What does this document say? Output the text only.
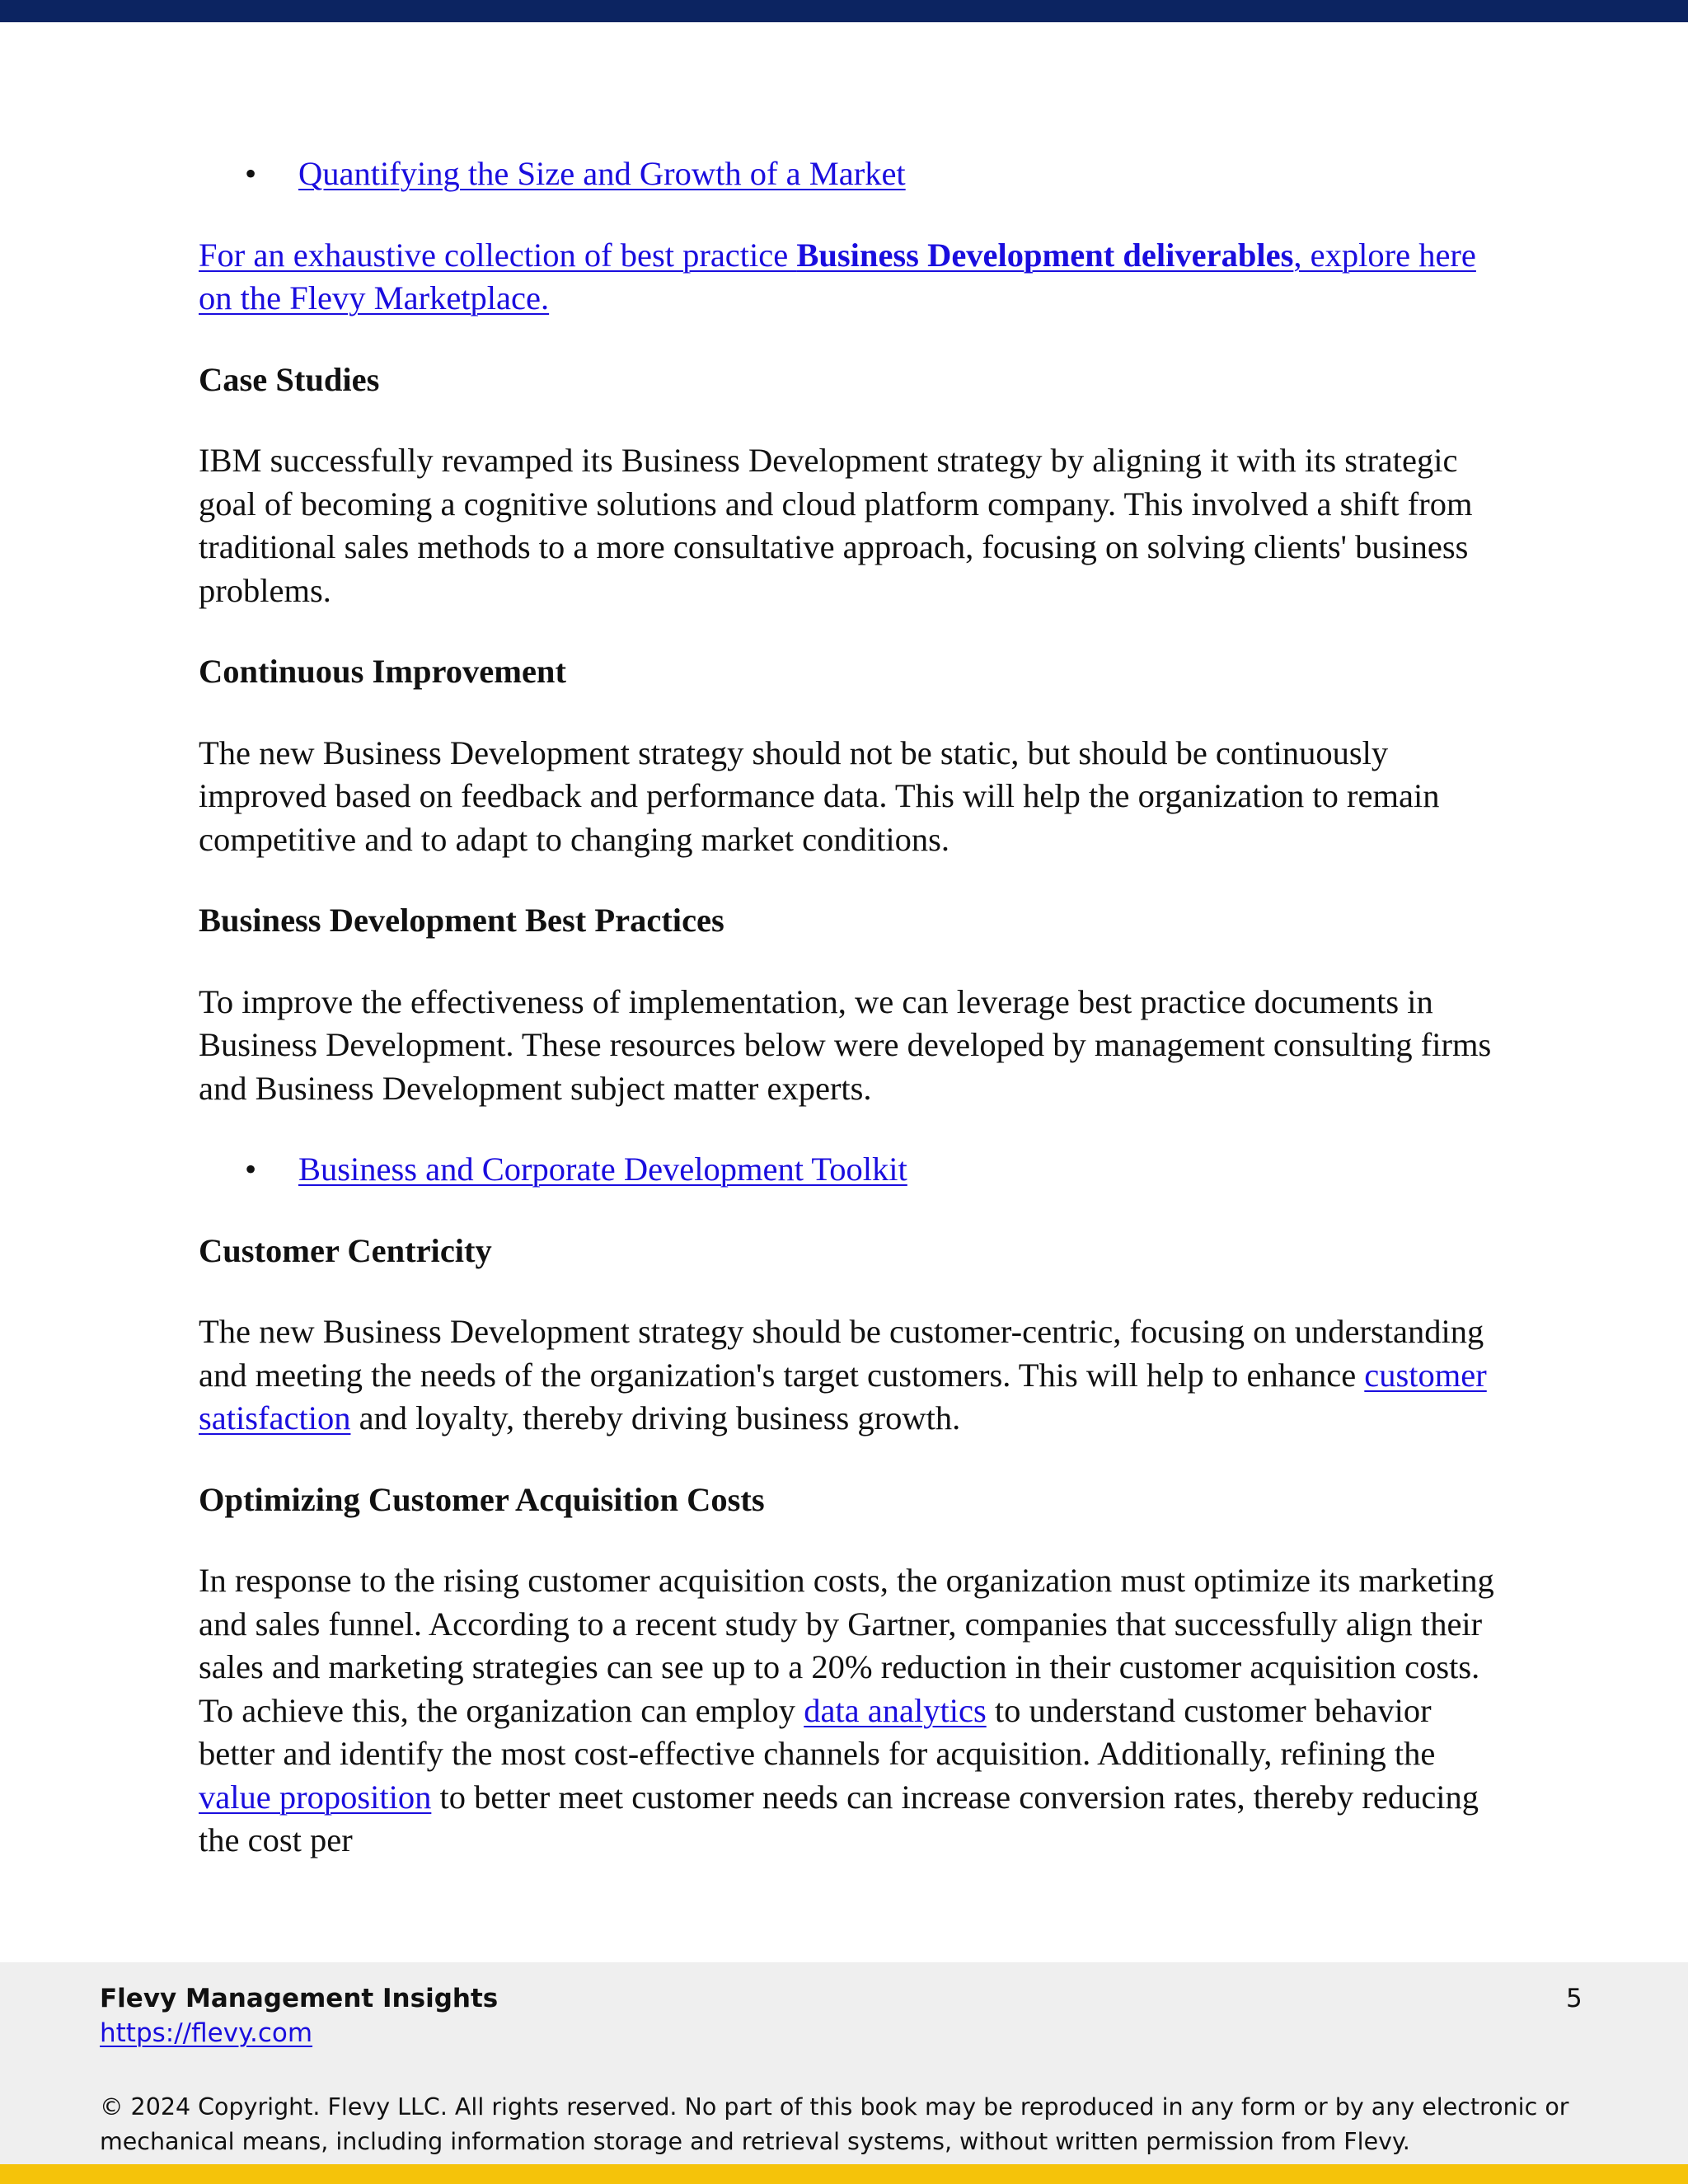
• Quantifying the Size and Growth of a Market

For an exhaustive collection of best practice Business Development deliverables, explore here on the Flevy Marketplace.

Case Studies

IBM successfully revamped its Business Development strategy by aligning it with its strategic goal of becoming a cognitive solutions and cloud platform company. This involved a shift from traditional sales methods to a more consultative approach, focusing on solving clients' business problems.

Continuous Improvement

The new Business Development strategy should not be static, but should be continuously improved based on feedback and performance data. This will help the organization to remain competitive and to adapt to changing market conditions.

Business Development Best Practices

To improve the effectiveness of implementation, we can leverage best practice documents in Business Development. These resources below were developed by management consulting firms and Business Development subject matter experts.

• Business and Corporate Development Toolkit
Customer Centricity

The new Business Development strategy should be customer-centric, focusing on understanding and meeting the needs of the organization's target customers. This will help to enhance customer satisfaction and loyalty, thereby driving business growth.

Optimizing Customer Acquisition Costs

In response to the rising customer acquisition costs, the organization must optimize its marketing and sales funnel. According to a recent study by Gartner, companies that successfully align their sales and marketing strategies can see up to a 20% reduction in their customer acquisition costs. To achieve this, the organization can employ data analytics to understand customer behavior better and identify the most cost-effective channels for acquisition. Additionally, refining the value proposition to better meet customer needs can increase conversion rates, thereby reducing the cost per

Flevy Management Insights
https://flevy.com
5
© 2024 Copyright. Flevy LLC. All rights reserved. No part of this book may be reproduced in any form or by any electronic or mechanical means, including information storage and retrieval systems, without written permission from Flevy.
